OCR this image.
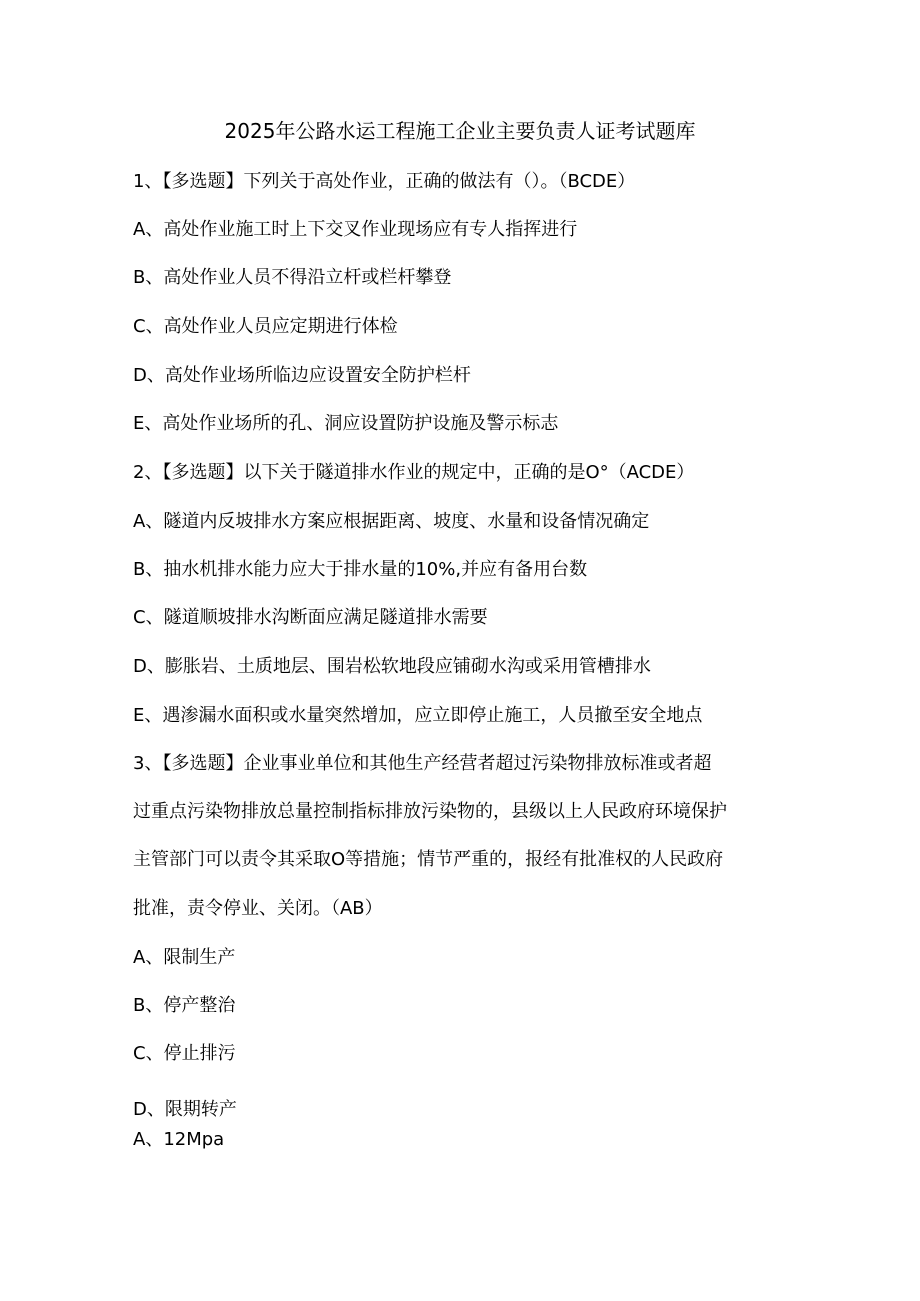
2025年公路水运工程施工企业主要负责人证考试题库
1、【多选题】下列关于高处作业，正确的做法有（）。（BCDE）
A、高处作业施工时上下交叉作业现场应有专人指挥进行
B、高处作业人员不得沿立杆或栏杆攀登
C、高处作业人员应定期进行体检
D、高处作业场所临边应设置安全防护栏杆
E、高处作业场所的孔、洞应设置防护设施及警示标志
2、【多选题】以下关于隧道排水作业的规定中，正确的是O°（ACDE）
A、隧道内反坡排水方案应根据距离、坡度、水量和设备情况确定
B、抽水机排水能力应大于排水量的10%,并应有备用台数
C、隧道顺坡排水沟断面应满足隧道排水需要
D、膨胀岩、土质地层、围岩松软地段应铺砌水沟或采用管槽排水
E、遇渗漏水面积或水量突然增加，应立即停止施工，人员撤至安全地点
3、【多选题】企业事业单位和其他生产经营者超过污染物排放标准或者超
过重点污染物排放总量控制指标排放污染物的，县级以上人民政府环境保护
主管部门可以责令其采取O等措施；情节严重的，报经有批准权的人民政府
批准，责令停业、关闭。（AB）
A、限制生产
B、停产整治
C、停止排污
D、限期转产
A、12Mpa
